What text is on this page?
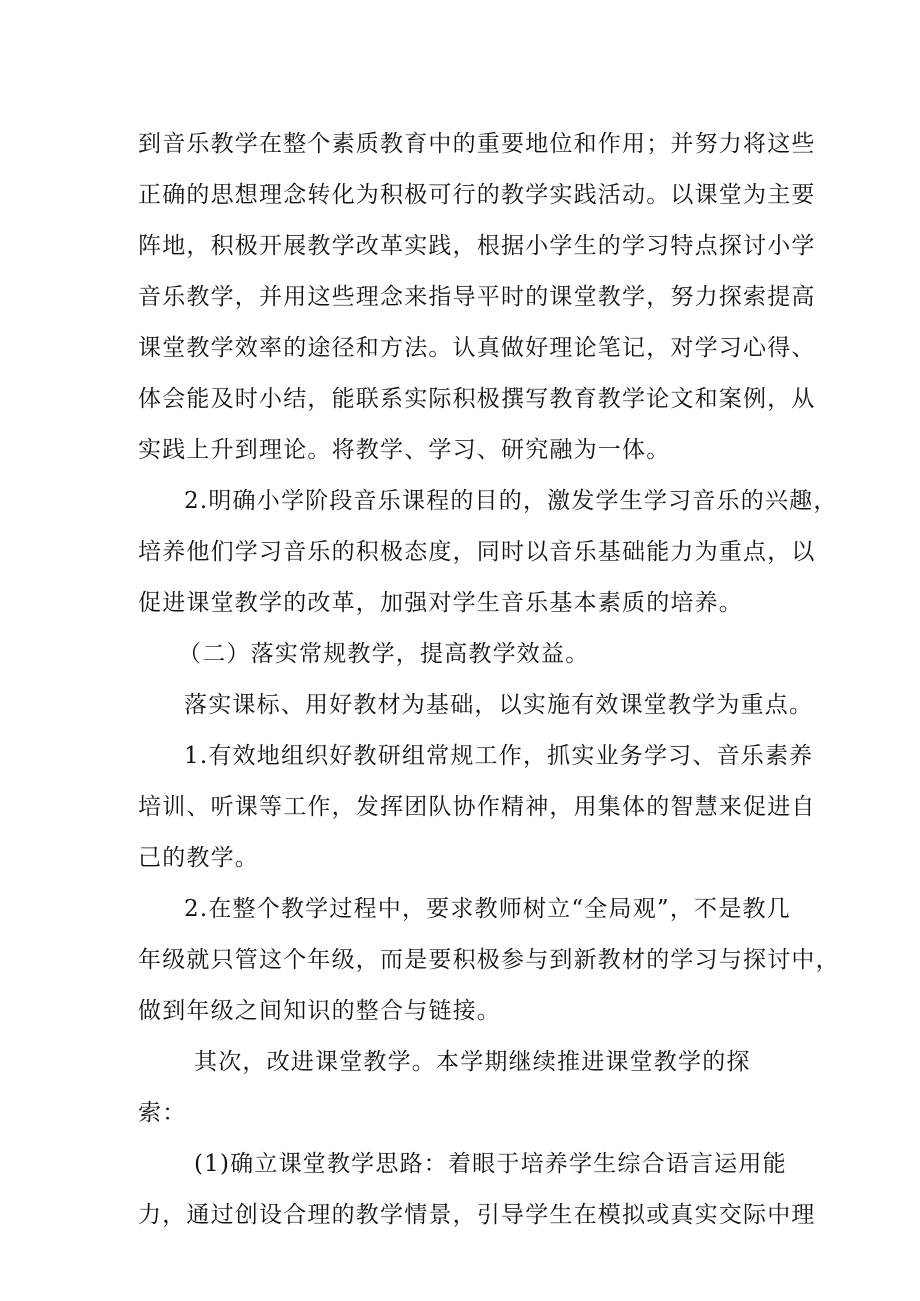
到音乐教学在整个素质教育中的重要地位和作用；并努力将这些
正确的思想理念转化为积极可行的教学实践活动。以课堂为主要
阵地，积极开展教学改革实践，根据小学生的学习特点探讨小学
音乐教学，并用这些理念来指导平时的课堂教学，努力探索提高
课堂教学效率的途径和方法。认真做好理论笔记，对学习心得、
体会能及时小结，能联系实际积极撰写教育教学论文和案例，从
实践上升到理论。将教学、学习、研究融为一体。
2.明确小学阶段音乐课程的目的，激发学生学习音乐的兴趣，
培养他们学习音乐的积极态度，同时以音乐基础能力为重点，以
促进课堂教学的改革，加强对学生音乐基本素质的培养。
（二）落实常规教学，提高教学效益。
落实课标、用好教材为基础，以实施有效课堂教学为重点。
1.有效地组织好教研组常规工作，抓实业务学习、音乐素养
培训、听课等工作，发挥团队协作精神，用集体的智慧来促进自
己的教学。
2.在整个教学过程中，要求教师树立“全局观”，不是教几
年级就只管这个年级，而是要积极参与到新教材的学习与探讨中，
做到年级之间知识的整合与链接。
其次，改进课堂教学。本学期继续推进课堂教学的探
索：
(1)确立课堂教学思路：着眼于培养学生综合语言运用能
力，通过创设合理的教学情景，引导学生在模拟或真实交际中理
